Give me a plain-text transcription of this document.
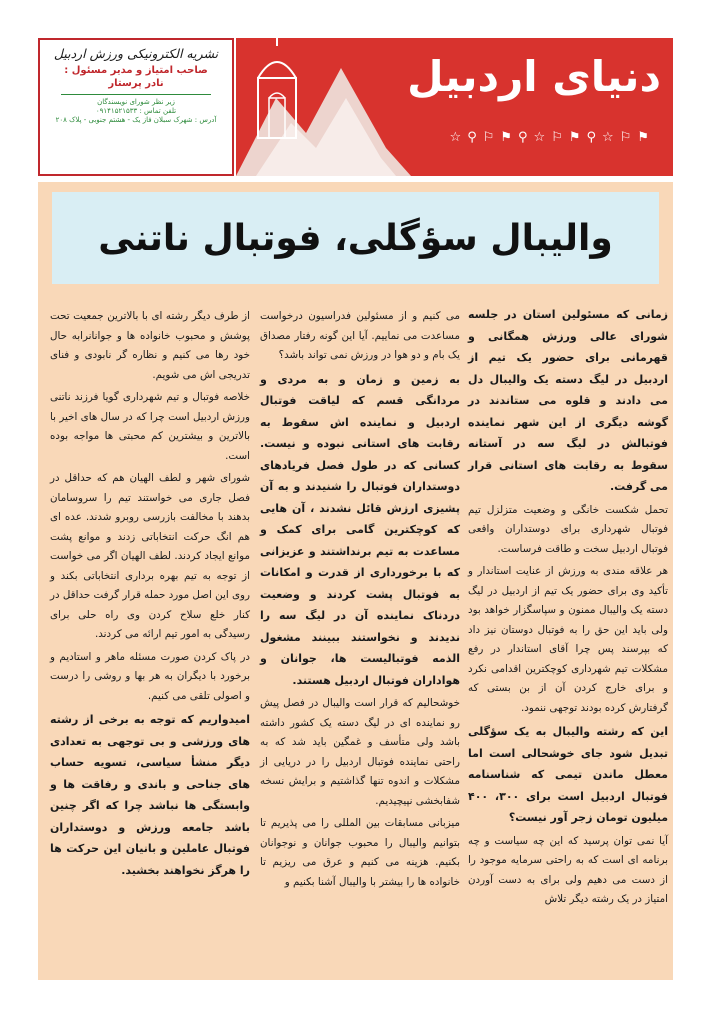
نشریه الکترونیکی ورزش اردبیل
صاحب امتیاز و مدیر مسئول :
نادر پرستار
زیر نظر شورای نویسندگان
تلفن تماس : ۰۹۱۴۱۵۲۱۵۳۳
آدرس : شهرک سبلان فاز یک - هشتم جنوبی - پلاک ۲۰۸
دنیای اردبیل
☆⚲⚐⚑⚲☆⚐⚑⚲☆⚐⚑
والیبال سؤگلی، فوتبال ناتنی

زمانی که مسئولین استان در جلسه شورای عالی ورزش همگانی و قهرمانی برای حضور یک تیم از اردبیل در لیگ دسته یک والیبال دل می دادند و قلوه می ستاندند در گوشه دیگری از این شهر نماینده فوتبالش در لیگ سه در آستانه سقوط به رقابت های استانی قرار می گرفت.

تحمل شکست خانگی و وضعیت متزلزل تیم فوتبال شهرداری برای دوستداران واقعی فوتبال اردبیل سخت و طاقت فرساست.

هر علاقه مندی به ورزش از عنایت استاندار و تأکید وی برای حضور یک تیم از اردبیل در لیگ دسته یک والیبال ممنون و سپاسگزار خواهد بود ولی باید این حق را به فوتبال دوستان نیز داد که بپرسند پس چرا آقای استاندار در رفع مشکلات تیم شهرداری کوچکترین اقدامی نکرد و برای خارج کردن آن از بن بستی که گرفتارش کرده بودند توجهی ننمود.

این که رشته والیبال به یک سؤگلی تبدیل شود جای خوشحالی است اما معطل ماندن تیمی که شناسنامه فوتبال اردبیل است برای ۳۰۰، ۴۰۰ میلیون تومان زجر آور نیست؟

آیا نمی توان پرسید که این چه سیاست و چه برنامه ای است که به راحتی سرمایه موجود را از دست می دهیم ولی برای به دست آوردن امتیاز در یک رشته دیگر تلاش

می کنیم و از مسئولین فدراسیون درخواست مساعدت می نماییم. آیا این گونه رفتار مصداق یک بام و دو هوا در ورزش نمی تواند باشد؟

به زمین و زمان و به مردی و مردانگی قسم که لیاقت فوتبال اردبیل و نماینده اش سقوط به رقابت های استانی نبوده و نیست. کسانی که در طول فصل فریادهای دوستداران فوتبال را شنیدند و به آن پشیزی ارزش قائل نشدند ، آن هایی که کوچکترین گامی برای کمک و مساعدت به تیم برنداشتند و عزیزانی که با برخورداری از قدرت و امکانات به فوتبال پشت کردند و وضعیت دردناک نماینده آن در لیگ سه را ندیدند و نخواستند ببینند مشغول الذمه فوتبالیست ها، جوانان و هواداران فوتبال اردبیل هستند.

خوشحالیم که قرار است والیبال در فصل پیش رو نماینده ای در لیگ دسته یک کشور داشته باشد ولی متأسف و غمگین باید شد که به راحتی نماینده فوتبال اردبیل را در دریایی از مشکلات و اندوه تنها گذاشتیم و برایش نسخه شفابخشی نپیچیدیم.

میزبانی مسابقات بین المللی را می پذیریم تا بتوانیم والیبال را محبوب جوانان و نوجوانان بکنیم. هزینه می کنیم و عرق می ریزیم تا خانواده ها را بیشتر با والیبال آشنا بکنیم و

از طرف دیگر رشته ای با بالاترین جمعیت تحت پوشش و محبوب خانواده ها و جوانانرابه حال خود رها می کنیم و نظاره گر نابودی و فنای تدریجی اش می شویم.

خلاصه فوتبال و تیم شهرداری گویا فرزند ناتنی ورزش اردبیل است چرا که در سال های اخیر با بالاترین و بیشترین کم محبتی ها مواجه بوده است.

شورای شهر و لطف الهیان هم که حداقل در فصل جاری می خواستند تیم را سروسامان بدهند با مخالفت بازرسی روبرو شدند. عده ای هم انگ حرکت انتخاباتی زدند و موانع پشت موانع ایجاد کردند. لطف الهیان اگر می خواست از توجه به تیم بهره برداری انتخاباتی بکند و روی این اصل مورد حمله قرار گرفت حداقل در کنار خلع سلاح کردن وی راه حلی برای رسیدگی به امور تیم ارائه می کردند.

در پاک کردن صورت مسئله ماهر و استادیم و برخورد با دیگران به هر بها و روشی را درست و اصولی تلقی می کنیم.

امیدواریم که توجه به برخی از رشته های ورزشی و بی توجهی به تعدادی دیگر منشأ سیاسی، تسویه حساب های جناحی و باندی و رفاقت ها و وابستگی ها نباشد چرا که اگر چنین باشد جامعه ورزش و دوستداران فوتبال عاملین و بانیان این حرکت ها را هرگز نخواهند بخشید.
